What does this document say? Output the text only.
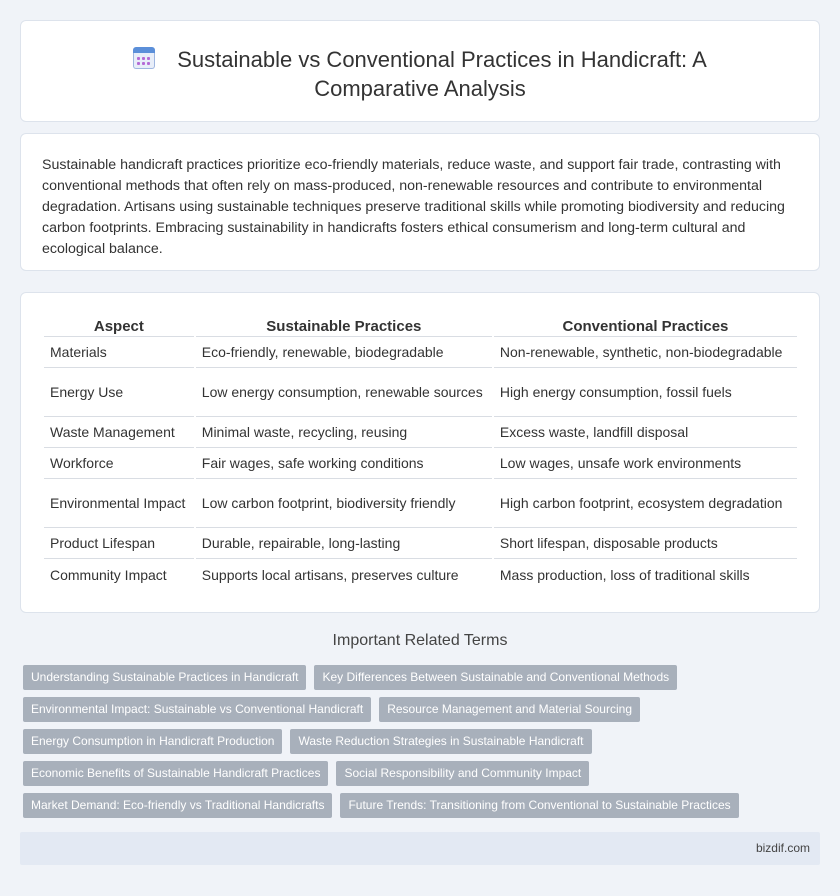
Sustainable vs Conventional Practices in Handicraft: A
Comparative Analysis

Sustainable handicraft practices prioritize eco-friendly materials, reduce waste, and support fair trade, contrasting with conventional methods that often rely on mass-produced, non-renewable resources and contribute to environmental degradation. Artisans using sustainable techniques preserve traditional skills while promoting biodiversity and reducing carbon footprints. Embracing sustainability in handicrafts fosters ethical consumerism and long-term cultural and ecological balance.

Aspect	Sustainable Practices	Conventional Practices
Materials	Eco-friendly, renewable, biodegradable	Non-renewable, synthetic, non-biodegradable
Energy Use	Low energy consumption, renewable sources	High energy consumption, fossil fuels
Waste Management	Minimal waste, recycling, reusing	Excess waste, landfill disposal
Workforce	Fair wages, safe working conditions	Low wages, unsafe work environments
Environmental Impact	Low carbon footprint, biodiversity friendly	High carbon footprint, ecosystem degradation
Product Lifespan	Durable, repairable, long-lasting	Short lifespan, disposable products
Community Impact	Supports local artisans, preserves culture	Mass production, loss of traditional skills
Important Related Terms
Understanding Sustainable Practices in Handicraft	Key Differences Between Sustainable and Conventional Methods
Environmental Impact: Sustainable vs Conventional Handicraft	Resource Management and Material Sourcing
Energy Consumption in Handicraft Production	Waste Reduction Strategies in Sustainable Handicraft
Economic Benefits of Sustainable Handicraft Practices	Social Responsibility and Community Impact
Market Demand: Eco-friendly vs Traditional Handicrafts	Future Trends: Transitioning from Conventional to Sustainable Practices
bizdif.com
